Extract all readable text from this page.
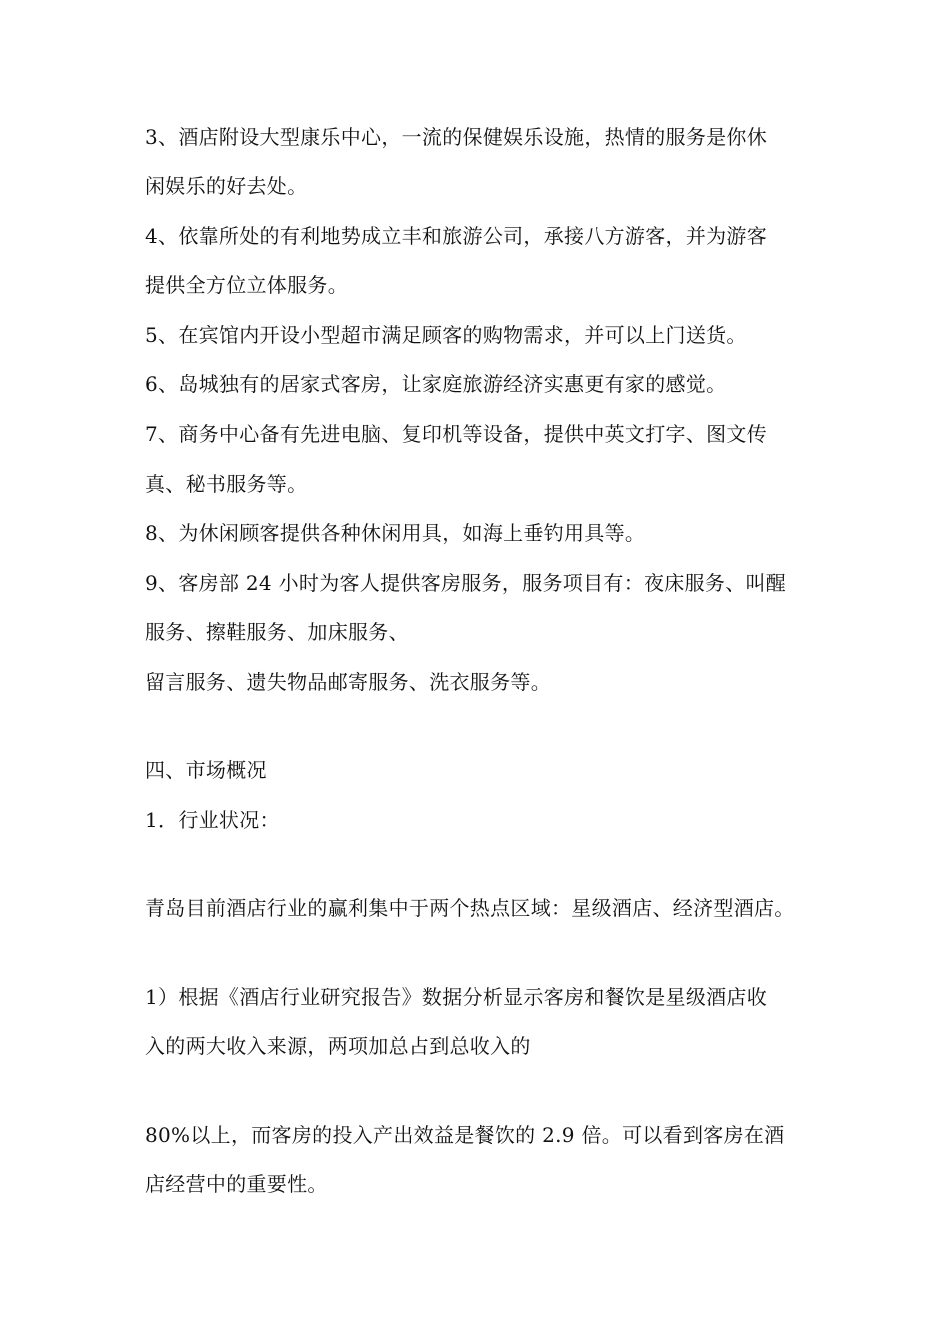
3、酒店附设大型康乐中心，一流的保健娱乐设施，热情的服务是你休
闲娱乐的好去处。
4、依靠所处的有利地势成立丰和旅游公司，承接八方游客，并为游客
提供全方位立体服务。
5、在宾馆内开设小型超市满足顾客的购物需求，并可以上门送货。
6、岛城独有的居家式客房，让家庭旅游经济实惠更有家的感觉。
7、商务中心备有先进电脑、复印机等设备，提供中英文打字、图文传
真、秘书服务等。
8、为休闲顾客提供各种休闲用具，如海上垂钓用具等。
9、客房部 24 小时为客人提供客房服务，服务项目有：夜床服务、叫醒
服务、擦鞋服务、加床服务、
留言服务、遗失物品邮寄服务、洗衣服务等。
四、市场概况
1．行业状况：
青岛目前酒店行业的赢利集中于两个热点区域：星级酒店、经济型酒店。
1）根据《酒店行业研究报告》数据分析显示客房和餐饮是星级酒店收
入的两大收入来源，两项加总占到总收入的
80%以上，而客房的投入产出效益是餐饮的 2.9 倍。可以看到客房在酒
店经营中的重要性。
